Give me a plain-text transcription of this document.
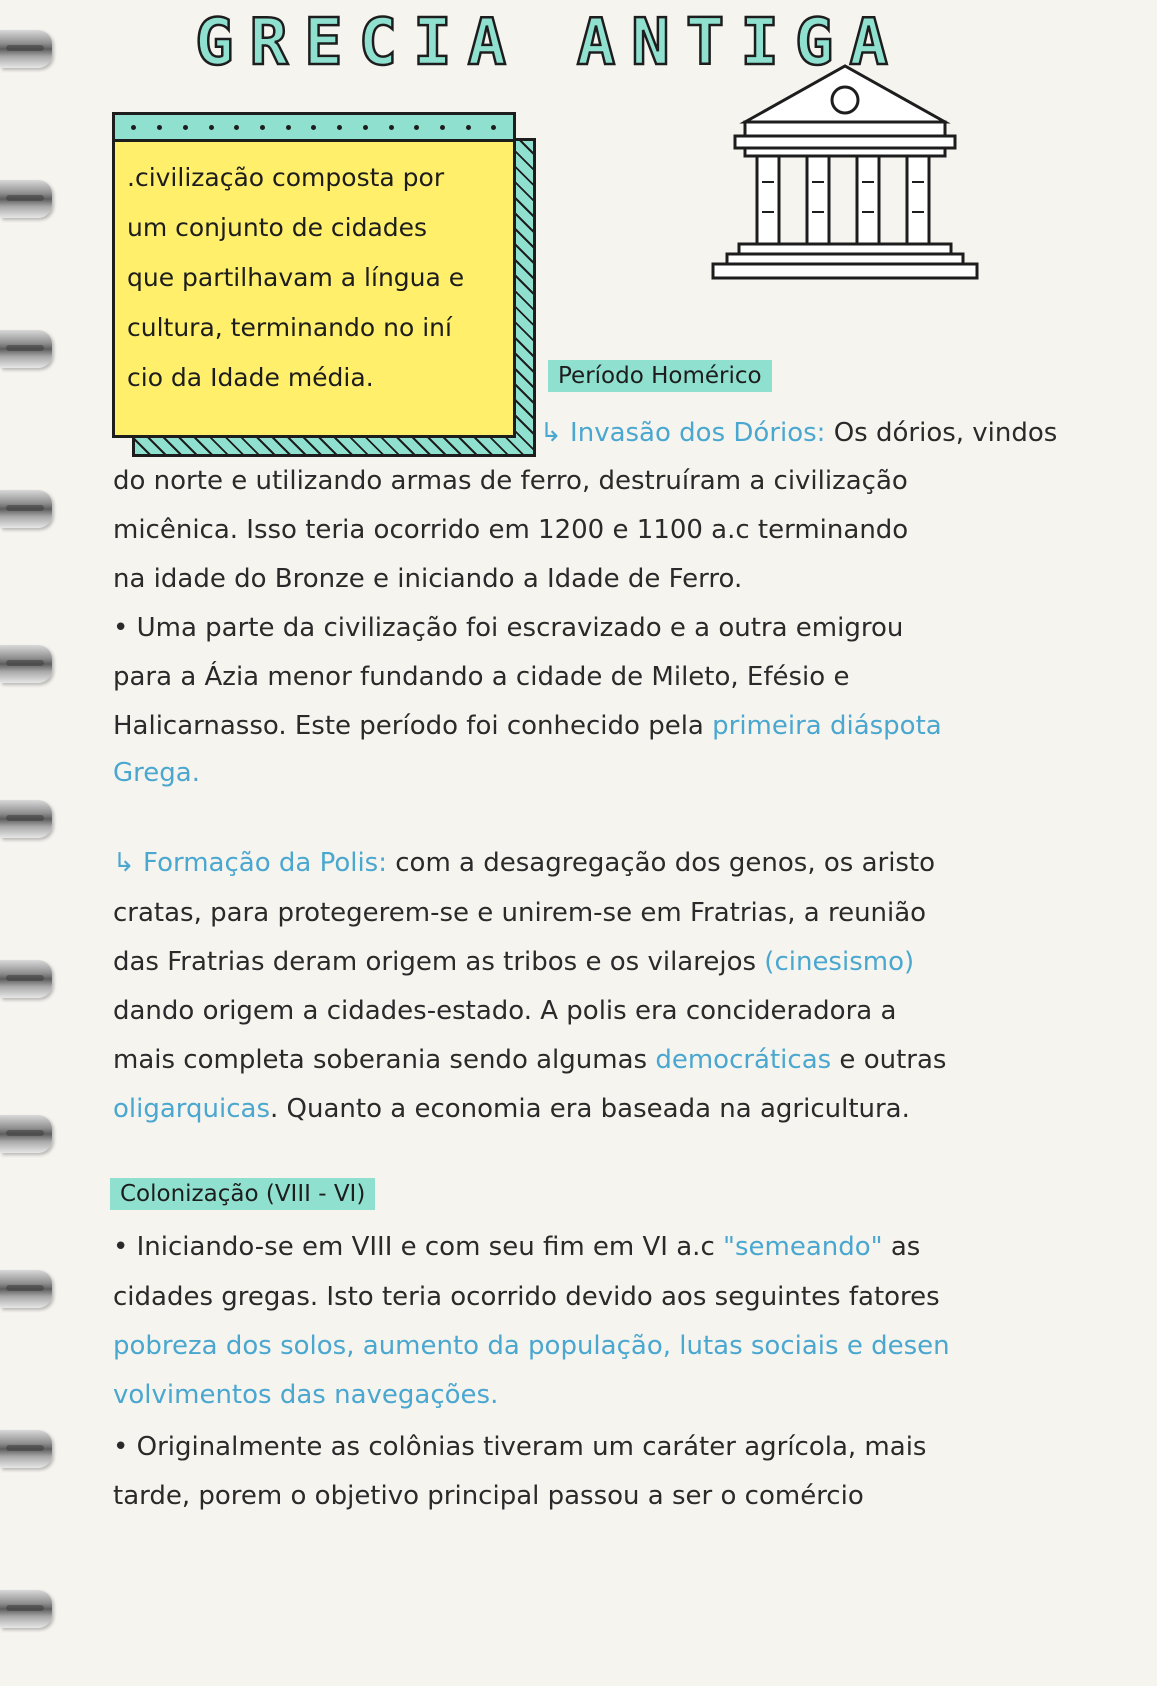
GRECIA ANTIGA
.civilização composta por
um conjunto de cidades
que partilhavam a língua e
cultura, terminando no iní
cio da Idade média.	Período Homérico
↳ Invasão dos Dórios: Os dórios, vindos
do norte e utilizando armas de ferro, destruíram a civilização
micênica. Isso teria ocorrido em 1200 e 1100 a.c terminando
na idade do Bronze e iniciando a Idade de Ferro.
• Uma parte da civilização foi escravizado e a outra emigrou
para a Ázia menor fundando a cidade de Mileto, Efésio e
Halicarnasso. Este período foi conhecido pela primeira diáspota
Grega.
↳ Formação da Polis: com a desagregação dos genos, os aristo
cratas, para protegerem-se e unirem-se em Fratrias, a reunião
das Fratrias deram origem as tribos e os vilarejos (cinesismo)
dando origem a cidades-estado. A polis era concideradora a
mais completa soberania sendo algumas democráticas e outras
oligarquicas. Quanto a economia era baseada na agricultura.
Colonização (VIII - VI)
• Iniciando-se em VIII e com seu fim em VI a.c "semeando" as
cidades gregas. Isto teria ocorrido devido aos seguintes fatores
pobreza dos solos, aumento da população, lutas sociais e desen
volvimentos das navegações.
• Originalmente as colônias tiveram um caráter agrícola, mais
tarde, porem o objetivo principal passou a ser o comércio
